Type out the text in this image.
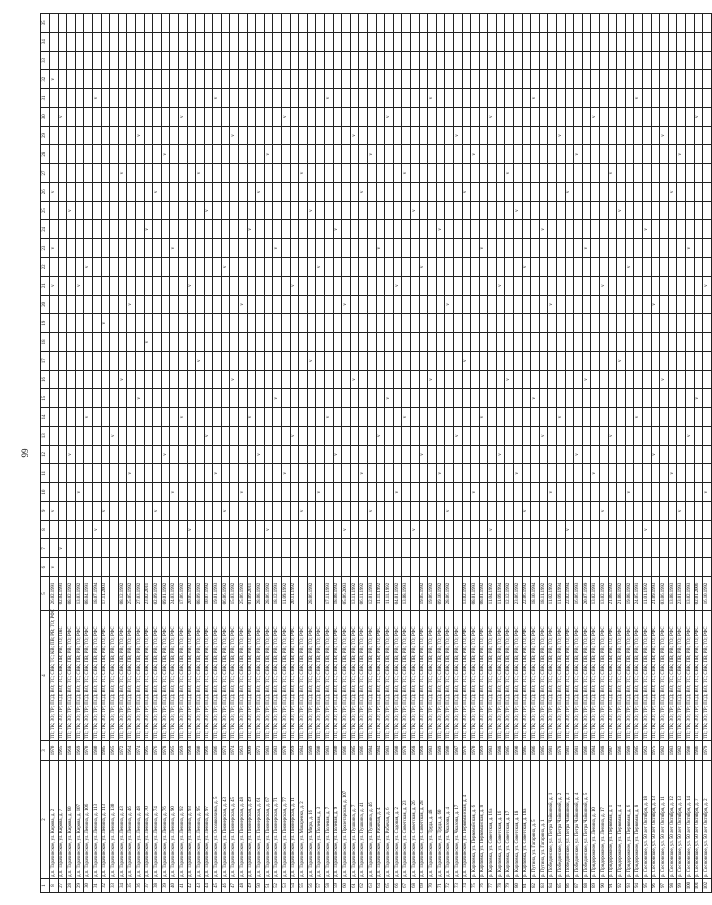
99
1	2	3	4	5	6	7	8	9	10	11	12	13	14	15	16	17	18	19	20	21	22	23	24	25	26	27	28	29	30	31	32	33	34	35
8	д.п. Тарачинское, ул. Кирова, д. 2	1970	ТП; ТК; ЗО; ТР; ПСД; ВО; ТС; СВК; ТС; КВ; ПВ; РВ; ТО; РФС	26.02.1991	v			v												v		v			v						v			
27	д.п. Тарачинское, ул. Кирова, д. 7	1965	ТП; ТК; ЗО; ТР; ПСД; ВО; ТС; СВК; ПВ; РВ; ТО; ПКС	02.04.1991		v																							v					
28	д.п. Тарачинское, ул. Кирова, д. 60	1968	ТП; ТК; ЗО; ТР; ПСД; ВО; ТС; СВК; ПВ; РВ; ТО; РФС	08.02.1992							v													v										
29	д.п. Тарачинское, ул. Кирова, д. 107	1969	ТП; ТК; ЗО; ТР; ПСД; ВО; ТС; СВК; ПВ; РВ; ТО; РФС	13.03.1992					v											v														
30	д.п. Тарачинское, ул. Ленина, д. 106	1970	ТП; ТК; ЗО; ТР; ПСД; ВО; ТС; СВК; ПВ; РВ; ТО; РФС	08.04.1991									v								v													
31	д.п. Тарачинское, ул. Ленина, д. 113	1980	ТП; ТК; ЗО; ТР; ПСД; ВО; ТС; СВК; ПВ; РВ; ТО; РФС	18.07.1994			v																							v				
32	д.п. Тарачинское, ул. Ленина, д. 113	1985	ТП; ТК; ЗО; ТР; ПСД; ВО; ТС; СВК; ПВ; РВ; ТО; РФС	17.11.2003				v										v																
33	д.п. Тарачинское, ул. Ленина, д. 130	1965	ТП; ТК; ЗО; ТР; ПСД; ВО; ТС; СВК; ПВ; РВ; ТО; РФС									v																						
34	д.п. Тарачинское, ул. Ленина, д. 43	1972	ТП; ТК; ЗО; ТР; ПСД; ВО; ТС; СВК; ПВ; РВ; ТО; РФС	08.12.1992											v											v								
35	д.п. Тарачинское, ул. Ленина, д. 46	1964	ТП; ТК; ЗО; ТР; ПСД; ВО; ТС; СВК; ПВ; РВ; ТО; РФС	25.05.1992						v									v															
36	д.п. Тарачинское, ул. Ленина, д. 48	1974	ТП; ТК; ЗО; ТР; ПСД; ВО; ТС; СВК; ПВ; РВ; ТО; РФС	27.03.1992										v														v						
37	д.п. Тарачинское, ул. Ленина, д. 70	1965	ТП; ТК; ЗО; ТР; ПСД; ВО; ТС; СВК; ПВ; РВ; ТО; РФС	23.02.2011													v						v											
38	д.п. Тарачинское, ул. Ленина, д. 74	1976	ТП; ТК; ЗО; ТР; ПСД; ВО; ТС; СВК; ПВ; РВ; ТО; РФС	02.09.1992				v																	v									
39	д.п. Тарачинское, ул. Ленина, д. 76	1978	ТП; ТК; ЗО; ТР; ПСД; ВО; ТС; СВК; ПВ; РВ; ТО; РФС	09.01.1992							v																v							
40	д.п. Тарачинское, ул. Ленина, д. 90	1965	ТП; ТК; ЗО; ТР; ПСД; ВО; ТС; СВК; ПВ; РВ; ТО; РФС	24.03.1992					v													v												
41	д.п. Тарачинское, ул. Ленина, д. 92	1969	ТП; ТК; ЗО; ТР; ПСД; ВО; ТС; СВК; ПВ; РВ; ТО; РФС	17.06.1992									v																v					
42	д.п. Тарачинское, ул. Ленина, д. 93	1968	ТП; ТК; ЗО; ТР; ПСД; ВО; ТС; СВК; ПВ; РВ; ТО; РФС	20.05.1992			v													v														
43	д.п. Тарачинское, ул. Ленина, д. 95	1980	ТП; ТК; ЗО; ТР; ПСД; ВО; ТС; СВК; ПВ; РВ; ТО; РФС	08.09.1992												v										v								
44	д.п. Тарачинское, ул. Ленина, д. 97	1966	ТП; ТК; ЗО; ТР; ПСД; ВО; ТС; СВК; ПВ; РВ; ТО; РФС	10.07.1992								v												v										
45	д.п. Тарачинское, ул. Осоавиахима, д. 5	1986	ТП; ТК; ЗО; ТР; ПСД; ВО; ТС; СВК; ПВ; РВ; ТО; РФС	19.01.1993						v																				v				
46	д.п. Тарачинское, ул. Пионерская, д. 43	1971	ТП; ТК; ЗО; ТР; ПСД; ВО; ТС; СВК; ПВ; РВ; ТО; РФС	06.06.1992				v													v													
47	д.п. Тарачинское, ул. Пионерская, д. 45	1974	ТП; ТК; ЗО; ТР; ПСД; ВО; ТС; СВК; ПВ; РВ; ТО; РФС	15.03.1992											v													v						
48	д.п. Тарачинское, ул. Пионерская, д. 48	1963	ТП; ТК; ЗО; ТР; ПСД; ВО; ТС; СВК; ПВ; РВ; ТО; РФС	25.06.1992					v										v															
49	д.п. Тарачинское, ул. Пионерская, д. 49	2009	ТП; ТК; ЗО; ТР; ПСД; ВО; ТС; СВК; ПВ; РВ; ТО; РФС	01.09.2011									v										v											
50	д.п. Тарачинское, ул. Пионерская, д. 61	1973	ТП; ТК; ЗО; ТР; ПСД; ВО; ТС; СВК; ПВ; РВ; ТО; РФС	28.08.1992							v														v									
51	д.п. Тарачинское, ул. Пионерская, д. 67	1983	ТП; ТК; ЗО; ТР; ПСД; ВО; ТС; СВК; ПВ; РВ; ТО; РФС	28.06.1992			v																				v							
52	д.п. Тарачинское, ул. Пионерская, д. 71	1983	ТП; ТК; ЗО; ТР; ПСД; ВО; ТС; СВК; ПВ; РВ; ТО; РФС	18.12.1991										v								v												
53	д.п. Тарачинское, ул. Пионерская, д. 77	1970	ТП; ТК; ЗО; ТР; ПСД; ВО; ТС; СВК; ПВ; РВ; ТО; РФС	11.09.1992						v																			v					
54	д.п. Тарачинское, ул. Пионерская, д. 11	1969	ТП; ТК; ЗО; ТР; ПСД; ВО; ТС; СВК; ПВ; РВ; ТО; РФС	20.11.1992								v								v														
55	д.п. Тарачинское, ул. Макаренко, д. 2	1984	ТП; ТК; ЗО; ТР; ПСД; ВО; ТС; СВК; ПВ; РВ; ТО; РФС					v																		v								
56	д.п. Тарачинское, ул. Мира, д. 16	1989	ТП; ТК; ЗО; ТР; ПСД; ВО; ТС; СВК; ПВ; РВ; ТО; РФС	28.06.1992												v								v										
57	д.п. Тарачинское, ул. Полевая, д. 3	1980	ТП; ТК; ЗО; ТР; ПСД; ВО; ТС; СВК; ПВ; РВ; ТО; РФС						v												v													
58	д.п. Тарачинское, ул. Полевая, д. 7	1983	ТП; ТК; ЗО; ТР; ПСД; ВО; ТС; СВК; ПВ; РВ; ТО; РФС	17.11.1993									v																	v				
59	д.п. Тарачинское, ул. Полевая, д. 9	1980	ТП; ТК; ЗО; ТР; ПСД; ВО; ТС; СВК; ПВ; РВ; ТО; РФС	18.08.1992							v												v											
60	д.п. Тарачинское, ул. Пролетарская, д. 107	1986	ТП; ТК; ЗО; ТР; ПСД; ВО; ТС; СВК; ПВ; РВ; ТО; РФС	05.06.2003			v												v															
61	д.п. Тарачинское, ул. Пушкина, д. 7	1985	ТП; ТК; ЗО; ТР; ПСД; ВО; ТС; СВК; ПВ; РВ; ТО; РФС	13.11.1992											v													v						
62	д.п. Тарачинское, ул. Пушкина, д. 41	1986	ТП; ТК; ЗО; ТР; ПСД; ВО; ТС; СВК; ПВ; РВ; ТО; РФС	06.11.1992						v															v									
63	д.п. Тарачинское, ул. Пушкина, д. 46	1984	ТП; ТК; ЗО; ТР; ПСД; ВО; ТС; СВК; ПВ; РВ; ТО; РФС	12.01.1993				v																			v							
64	д.п. Тарачинское, ул. Рабочая, д. 4	1984	ТП; ТК; ЗО; ТР; ПСД; ВО; ТС; СВК; ПВ; РВ; ТО; РФС	11.11.1992								v										v												
65	д.п. Тарачинское, ул. Рабочая, д. 6	1983	ТП; ТК; ЗО; ТР; ПСД; ВО; ТС; СВК; ПВ; РВ; ТО; РФС	11.11.1992										v															v					
66	д.п. Тарачинское, ул. Садовая, д. 2	1980	ТП; ТК; ЗО; ТР; ПСД; ВО; ТС; СВК; ПВ; РВ; ТО; РФС	04.01.1992					v											v														
67	д.п. Тарачинское, ул. Советская, д. 23	1978	ТП; ТК; ЗО; ТР; ПСД; ВО; ТС; СВК; ПВ; РВ; ТО; РФС	13.08.1993									v													v								
68	д.п. Тарачинское, ул. Советская, д. 26	1968	ТП; ТК; ЗО; ТР; ПСД; ВО; ТС; СВК; ПВ; РВ; ТО; РФС				v																	v										
69	д.п. Тарачинское, ул. Советская, д. 28	1968	ТП; ТК; ЗО; ТР; ПСД; ВО; ТС; СВК; ПВ; РВ; ТО; РФС	19.05.1992							v										v													
70	д.п. Тарачинское, ул. Труда, д. 48	1983	ТП; ТК; ЗО; ТР; ПСД; ВО; ТС; СВК; ПВ; РВ; ТО; РФС	19.06.1992											v															v				
71	д.п. Тарачинское, ул. Труда, д. 60	1989	ТП; ТК; ЗО; ТР; ПСД; ВО; ТС; СВК; ПВ; РВ; ТО; РФС	09.10.1992						v													v											
72	д.п. Тарачинское, ул. Чкалова, д. 4	1980	ТП; ТК; ЗО; ТР; ПСД; ВО; ТС; СВК; ПВ; РВ; ТО; РФС	28.06.1992				v											v															
73	д.п. Тарачинское, ул. Чкалова, д. 17	1987	ТП; ТК; ЗО; ТР; ПСД; ВО; ТС; СВК; ПВ; РВ; ТО; РФС									v																v						
74	д.п. Тарачинское, ул. Первомайская, д. 4	1976	ТП; ТК; ЗО; ТР; ПСД; ВО; ТС; СВК; ПВ; РВ; ТО; РФС	13.02.1992												v									v									
75	р. Карповка, ул. Первомайская, д. 6	1970	ТП; ТК; ЗО; ТР; ПСД; ВО; ТС; СВК; ПВ; РВ; ТО; РФС	08.01.1993					v																		v							
76	р. Карповка, ул. Первомайская, д. 8	1969	ТП; ТК; ЗО; ТР; ПСД; ВО; ТС; СВК; ПВ; РВ; ТО; РФС	08.01.1992									v									v												
77	р. Карповка, ул. Советская, д. 16а	1983	ТП; ТК; ЗО; ТР; ПСД; ВО; ТС; СВК; ПВ; РВ; ТО; РФС	11.04.1992			v																						v					
78	р. Карповка, ул. Советская, д. 16	1988	ТП; ТК; ЗО; ТР; ПСД; ВО; ТС; СВК; ПВ; РВ; ТО; РФС	11.09.1994							v									v														
79	р. Карповка, ул. Советская, д. 17	1985	ТП; ТК; ЗО; ТР; ПСД; ВО; ТС; СВК; ПВ; РВ; ТО; РФС	12.12.1992											v											v								
80	р. Карповка, ул. Советская, д. 18	1990	ТП; ТК; ЗО; ТР; ПСД; ВО; ТС; СВК; ПВ; РВ; ТО; РФС	23.06.1992						v														v										
81	р. Карповка, ул. Советская, д. 18а	1985	ТП; ТК; ЗО; ТР; ПСД; ВО; ТС; СВК; ПВ; РВ; ТО; РФС	22.06.1992				v													v													
82	р. Путина, ул. Гагарина, д. 5	1986	ТП; ТК; ЗО; ТР; ПСД; ВО; ТС; СВК; ПВ; РВ; ТО; РФС	18.10.1994										v																v				
83	р. Путина, ул. Гагарина, д. 1	1985	ТП; ТК; ЗО; ТР; ПСД; ВО; ТС; СВК; ПВ; РВ; ТО; РФС	18.11.1992								v											v											
84	р. Побединское, ул. Петра Чайкиной, д. 1	1981	ТП; ТК; ЗО; ТР; ПСД; ВО; ТС; СВК; ПВ; РВ; ТО; РФС	11.02.1992					v										v															
85	р. Побединское, ул. Петра Чайкиной, д. 2	1978	ТП; ТК; ЗО; ТР; ПСД; ВО; ТС; СВК; ПВ; РВ; ТО; РФС	11.09.1994									v															v						
86	р. Побединское, ул. Петра Чайкиной, д. 3	1981	ТП; ТК; ЗО; ТР; ПСД; ВО; ТС; СВК; ПВ; РВ; ТО; РФС	22.02.1994			v																		v									
87	р. Побединское, ул. Петра Чайкиной, д. 4	1981	ТП; ТК; ЗО; ТР; ПСД; ВО; ТС; СВК; ПВ; РВ; ТО; РФС	16.06.1993							v																v							
88	р. Побединское, ул. Петра Чайкиной, д. 5	1986	ТП; ТК; ЗО; ТР; ПСД; ВО; ТС; СВК; ПВ; РВ; ТО; РФС	20.07.1999											v							v												
89	р. Придорожное, ул. Ленина, д. 10	1984	ТП; ТК; ЗО; ТР; ПСД; ВО; ТС; СВК; ПВ; РВ; ТО; РФС	13.02.1991						v																			v					
90	р. Придорожное, ул. Ленина, д. 17	1988	ТП; ТК; ЗО; ТР; ПСД; ВО; ТС; СВК; ПВ; РВ; ТО; РФС	13.02.1992				v												v														
91	р. Придорожное, ул. Первомая, д. 1	1987	ТП; ТК; ЗО; ТР; ПСД; ВО; ТС; СВК; ПВ; РВ; ТО; РФС	21.08.1992								v														v								
92	р. Придорожное, ул. Первомая, д. 4	1986	ТП; ТК; ЗО; ТР; ПСД; ВО; ТС; СВК; ПВ; РВ; ТО; РФС	21.08.1992												v								v										
93	р. Придорожное, ул. Первомая, д. 6	1989	ТП; ТК; ЗО; ТР; ПСД; ВО; ТС; СВК; ПВ; РВ; ТО; РФС	19.08.1992					v												v													
94	р. Придорожное, ул. Первомая, д. 8	1985	ТП; ТК; ЗО; ТР; ПСД; ВО; ТС; СВК; ПВ; РВ; ТО; РФС	24.05.1991									v																	v				
95	р. Сосновское, ул. 50 лет Октября, д. 18	1962	ТП; ТК; ЗО; ТР; ПСД; ВО; ТС; СВК; ПВ; РВ; ТО; РФС	11.01.1992			v																v											
96	р. Сосновское, ул. 50 лет Октября, д. 13	1975	ТП; ТК; ЗО; ТР; ПСД; ВО; ТС; СВК; ПВ; РВ; ТО; РФС	21.09.1993							v								v															
97	р. Сосновское, ул. 50 лет Октября, д. 11	1982	ТП; ТК; ЗО; ТР; ПСД; ВО; ТС; СВК; ПВ; РВ; ТО; РФС	03.06.1992											v													v						
98	р. Сосновское, ул. 50 лет Октября, д. 12	1983	ТП; ТК; ЗО; ТР; ПСД; ВО; ТС; СВК; ПВ; РВ; ТО; РФС	13.08.1993						v															v									
99	р. Сосновское, ул. 50 лет Октября, д. 13	1982	ТП; ТК; ЗО; ТР; ПСД; ВО; ТС; СВК; ПВ; РВ; ТО; РФС	23.01.1993				v																			v							
100	р. Сосновское, ул. 50 лет Октября, д. 14	1980	ТП; ТК; ЗО; ТР; ПСД; ВО; ТС; СВК; ПВ; РВ; ТО; РФС	13.02.1993								v										v												
101	р. Сосновское, ул. 50 лет Октября, д. 7	1986	ТП; ТК; ЗО; ТР; ПСД; ВО; ТС; СВК; ПВ; РВ; ТО; РФС	02.01.2006										v															v					
102	р. Сосновское, ул. 50 лет Октября, д. 2	1979	ТП; ТК; ЗО; ТР; ПСД; ВО; ТС; СВК; ПВ; РВ; ТО; РФС	16.10.1992					v											v														
